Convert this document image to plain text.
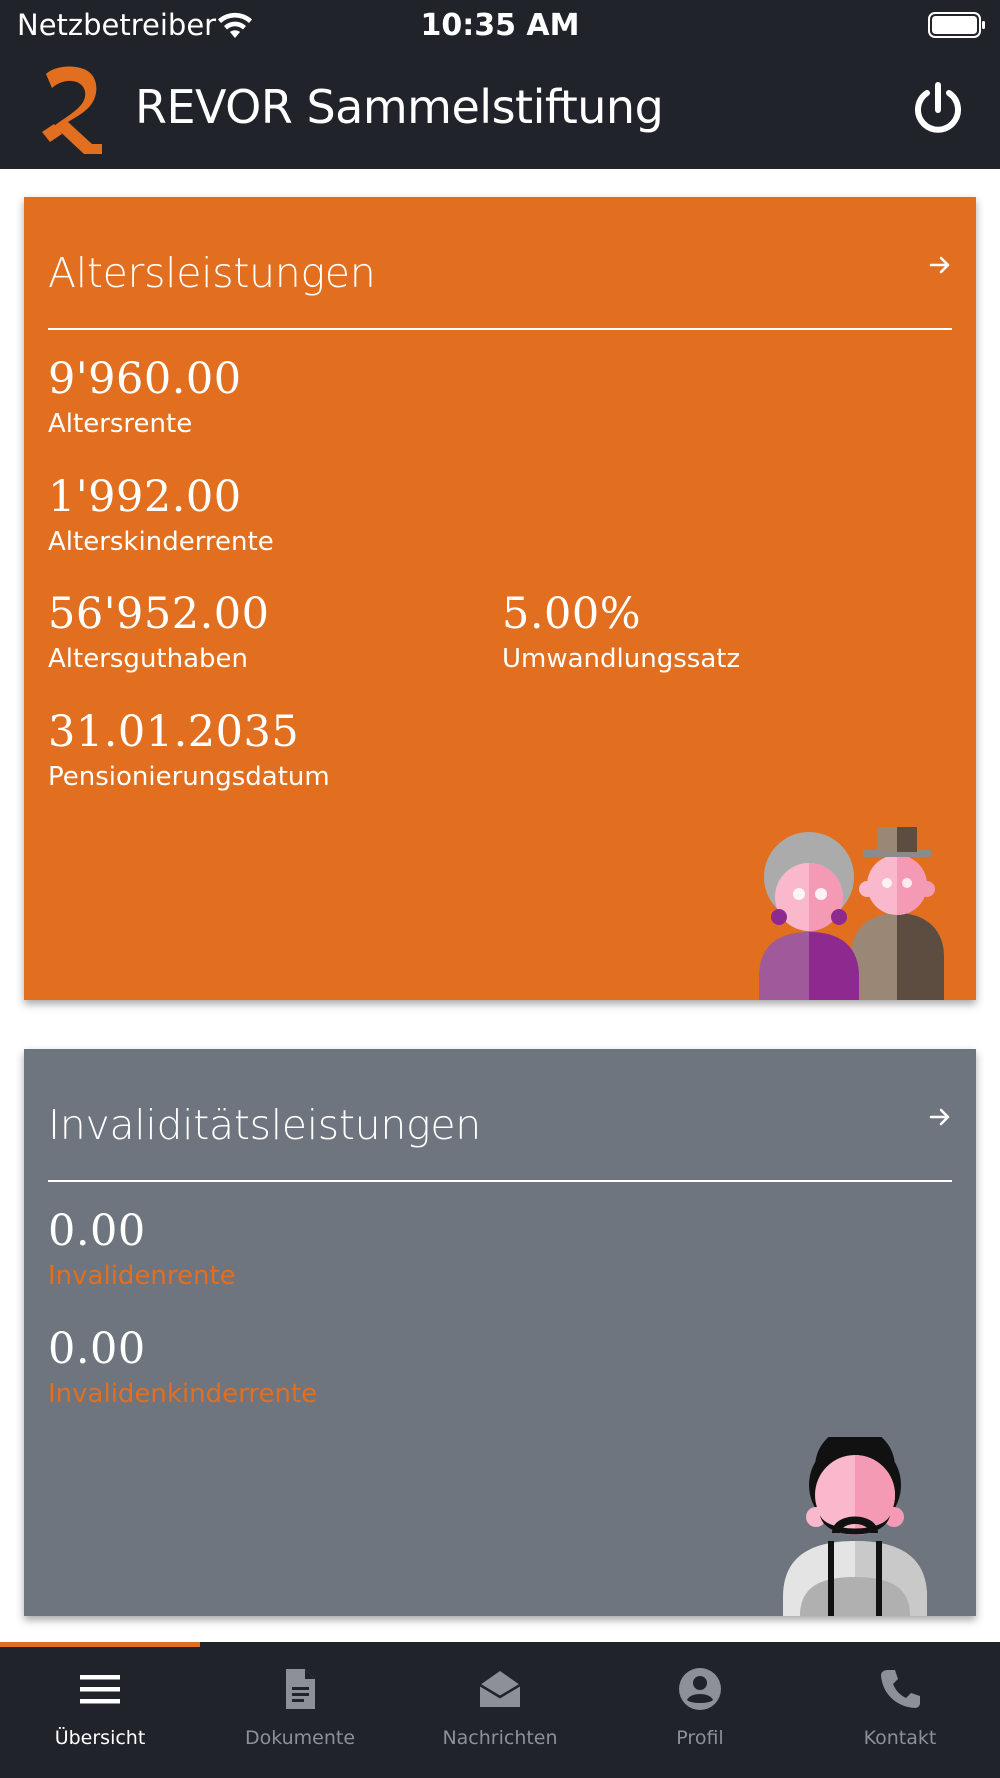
Netzbetreiber	10:35 AM
REVOR Sammelstiftung
Altersleistungen
9'960.00
Altersrente
1'992.00
Alterskinderrente
56'952.00
Altersguthaben
5.00%
Umwandlungssatz
31.01.2035
Pensionierungsdatum
Invaliditätsleistungen
0.00
Invalidenrente
0.00
Invalidenkinderrente
Übersicht	Dokumente	Nachrichten	Profil	Kontakt
